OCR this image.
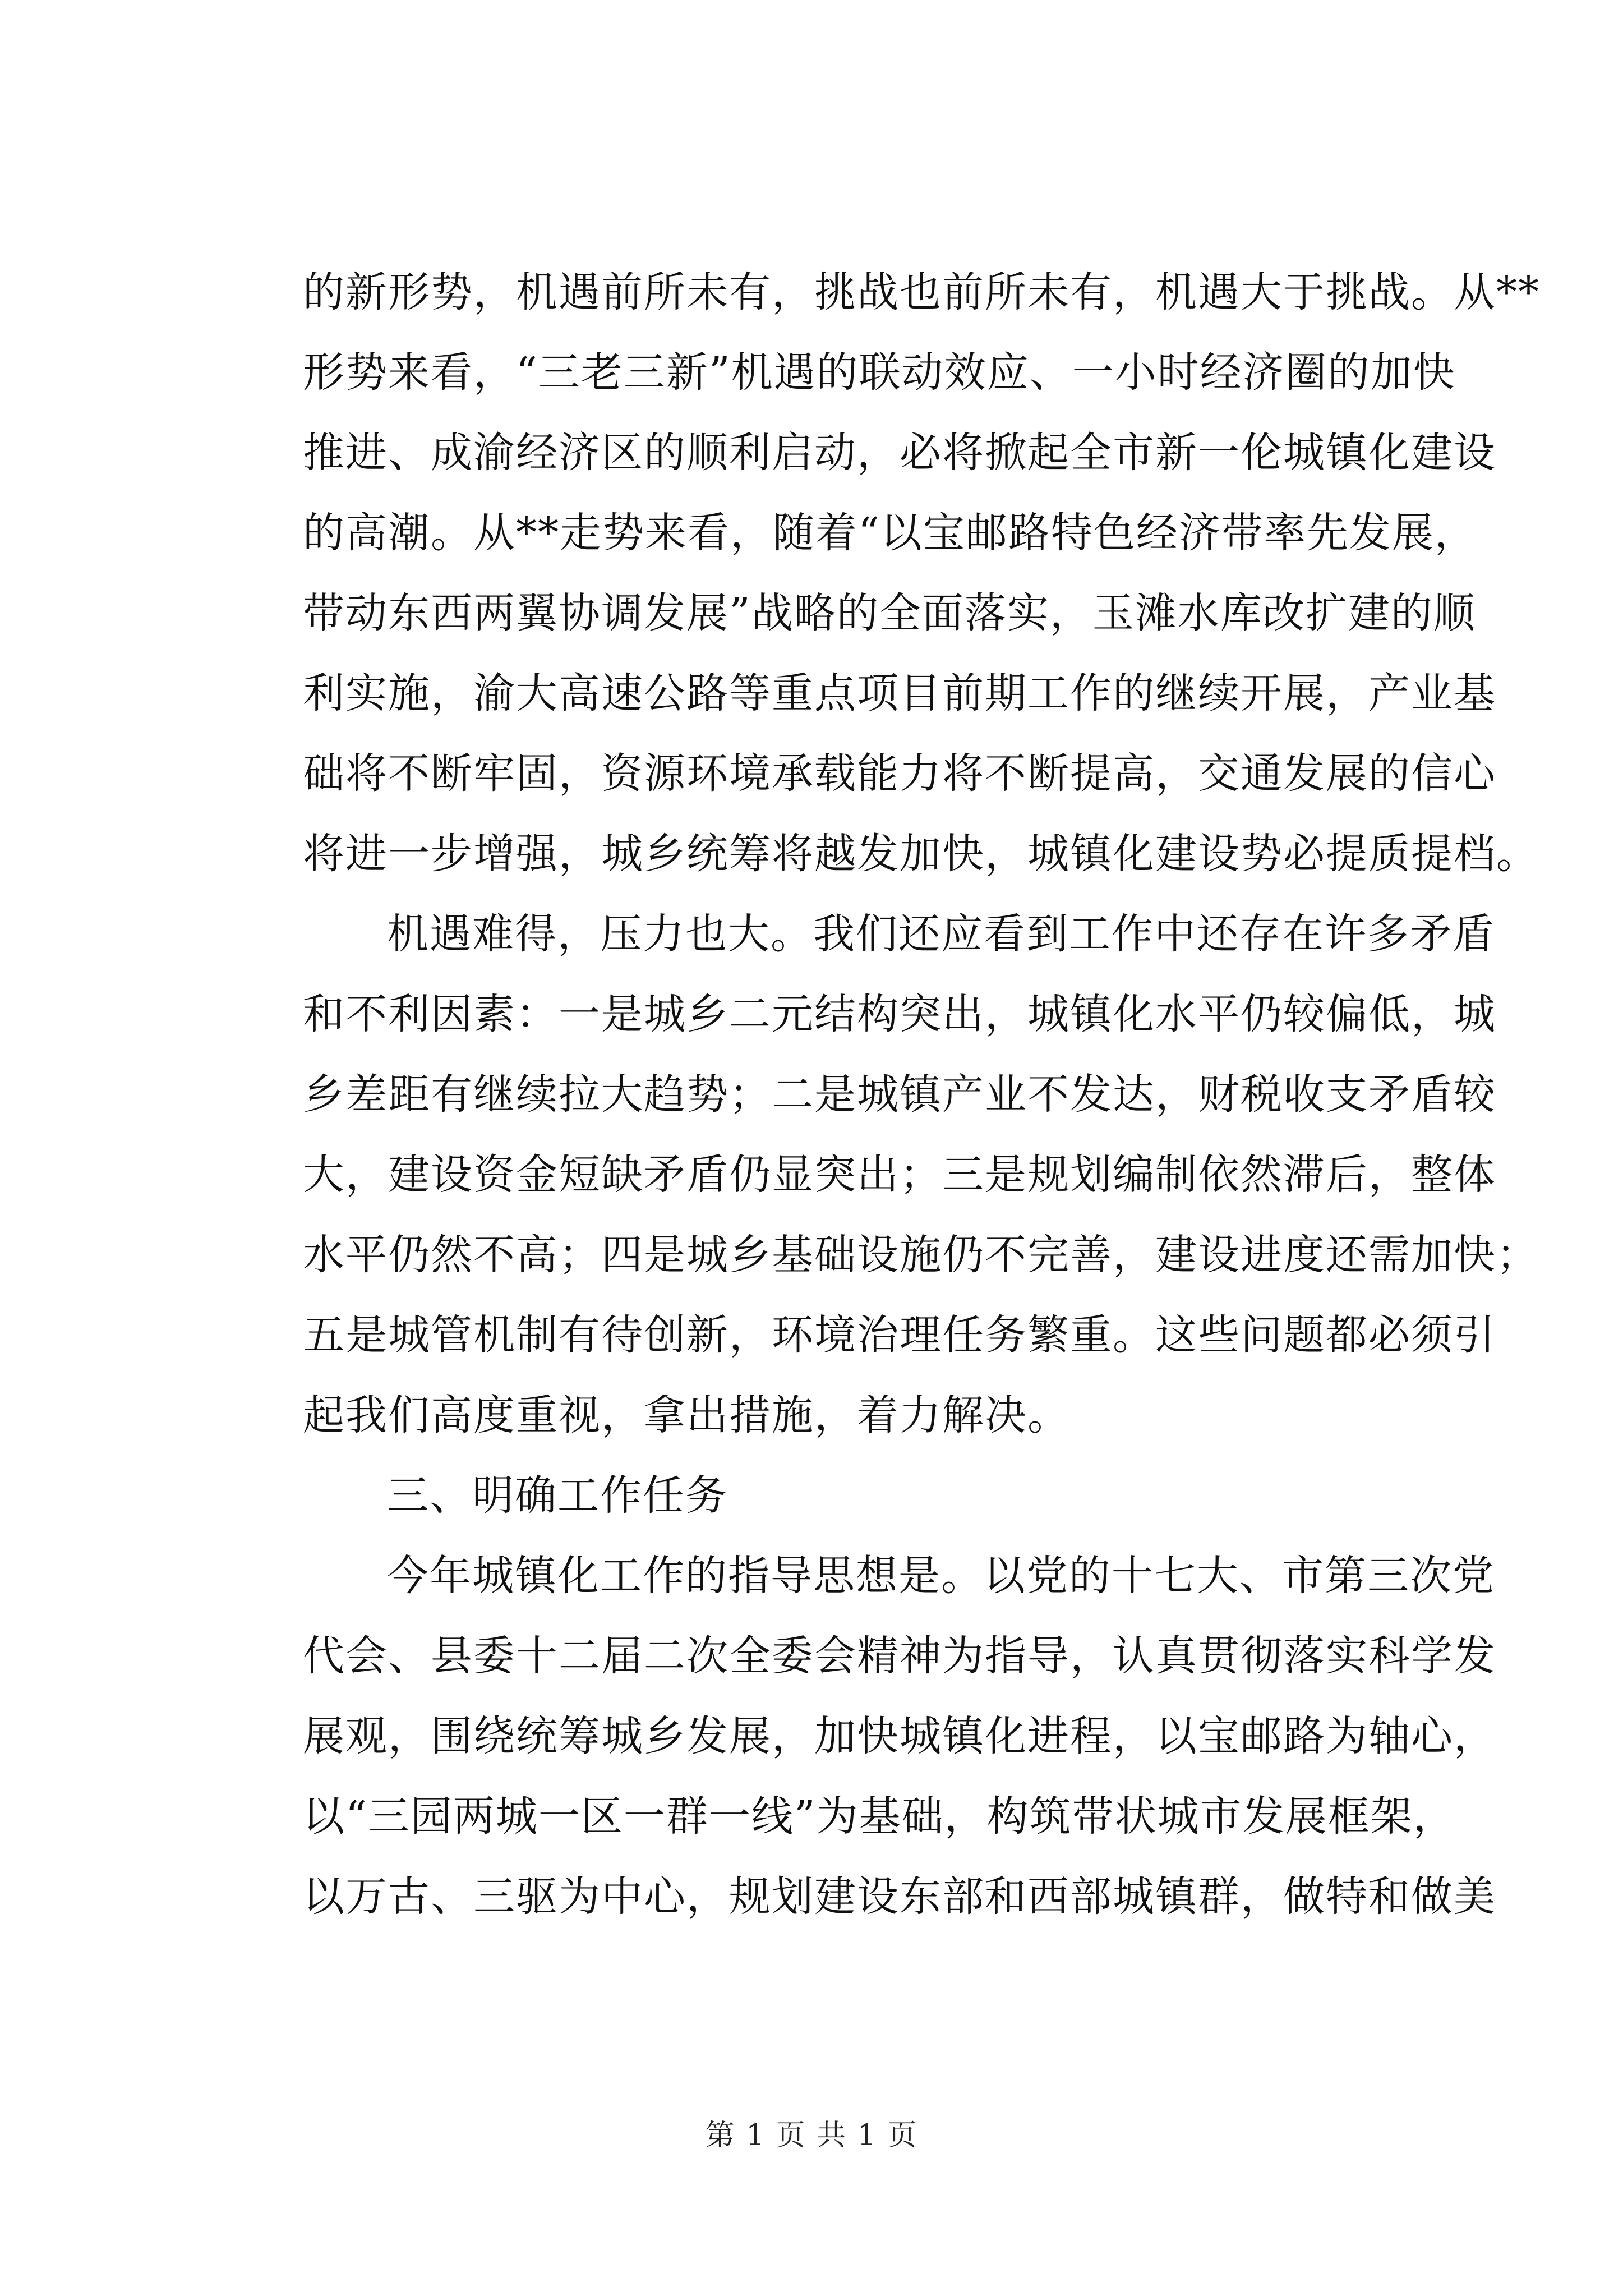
的新形势，机遇前所未有，挑战也前所未有，机遇大于挑战。从**
形势来看，“三老三新”机遇的联动效应、一小时经济圈的加快
推进、成渝经济区的顺利启动，必将掀起全市新一伦城镇化建设
的高潮。从**走势来看，随着“以宝邮路特色经济带率先发展，
带动东西两翼协调发展”战略的全面落实，玉滩水库改扩建的顺
利实施，渝大高速公路等重点项目前期工作的继续开展，产业基
础将不断牢固，资源环境承载能力将不断提高，交通发展的信心
将进一步增强，城乡统筹将越发加快，城镇化建设势必提质提档。
机遇难得，压力也大。我们还应看到工作中还存在许多矛盾
和不利因素：一是城乡二元结构突出，城镇化水平仍较偏低，城
乡差距有继续拉大趋势；二是城镇产业不发达，财税收支矛盾较
大，建设资金短缺矛盾仍显突出；三是规划编制依然滞后，整体
水平仍然不高；四是城乡基础设施仍不完善，建设进度还需加快；
五是城管机制有待创新，环境治理任务繁重。这些问题都必须引
起我们高度重视，拿出措施，着力解决。
三、明确工作任务
今年城镇化工作的指导思想是。以党的十七大、市第三次党
代会、县委十二届二次全委会精神为指导，认真贯彻落实科学发
展观，围绕统筹城乡发展，加快城镇化进程，以宝邮路为轴心，
以“三园两城一区一群一线”为基础，构筑带状城市发展框架，
以万古、三驱为中心，规划建设东部和西部城镇群，做特和做美
第 1 页 共 1 页
